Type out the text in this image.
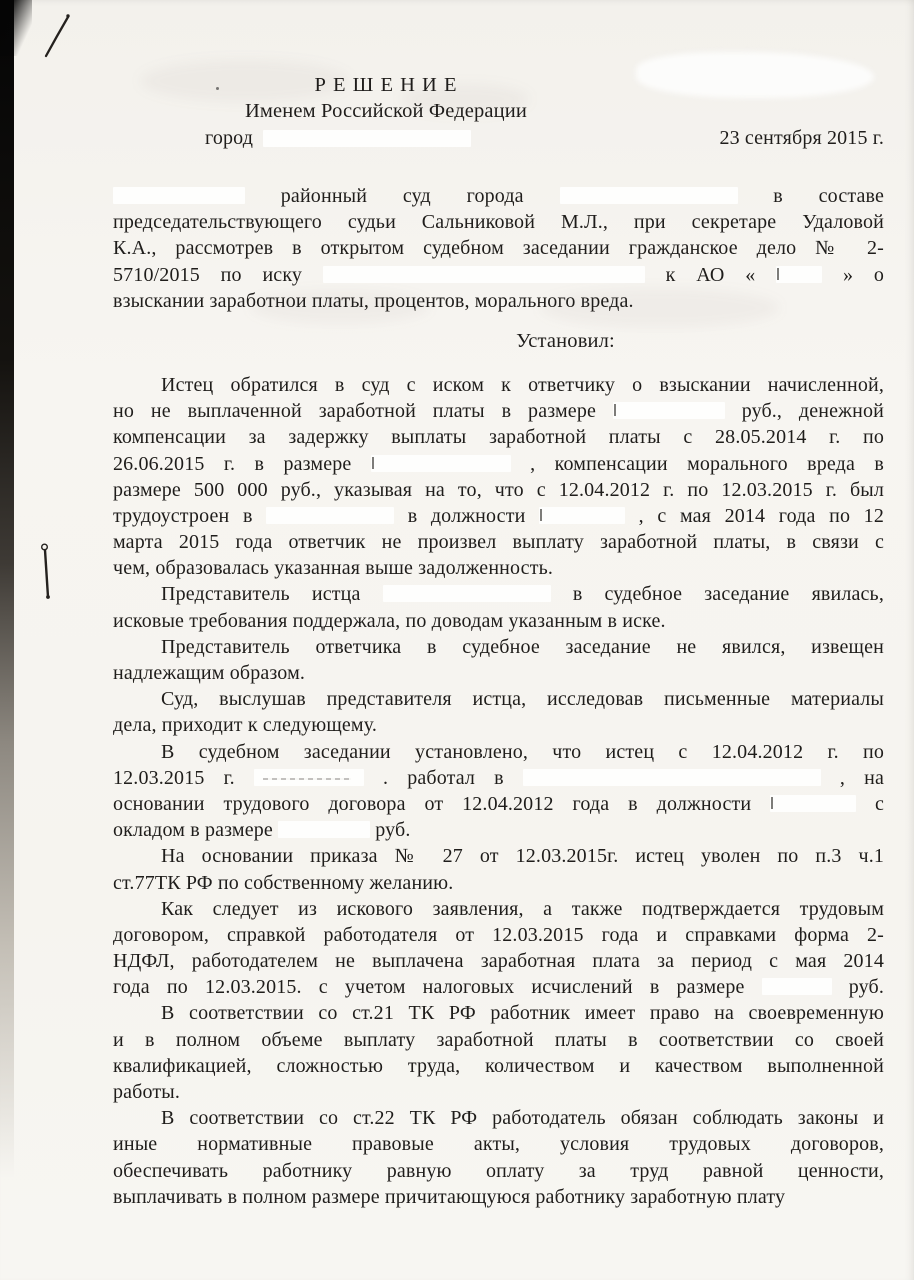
Р Е Ш Е Н И Е
Именем Российской Федерации
город	23 сентября 2015 г.
районный суд города	в составе
председательствующего судьи Сальниковой М.Л., при секретаре Удаловой
К.А., рассмотрев в открытом судебном заседании гражданское дело № 2-
5710/2015 по иску	к АО «	» о
взыскании заработнои платы, процентов, морального вреда.
Установил:
Истец обратился в суд с иском к ответчику о взыскании начисленной,
но не выплаченной заработной платы в размере	руб., денежной
компенсации за задержку выплаты заработной платы с 28.05.2014 г. по
26.06.2015 г. в размере	, компенсации морального вреда в
размере 500 000 руб., указывая на то, что с 12.04.2012 г. по 12.03.2015 г. был
трудоустроен в	в должности	, с мая 2014 года по 12
марта 2015 года ответчик не произвел выплату заработной платы, в связи с
чем, образовалась указанная выше задолженность.
Представитель истца	в судебное заседание явилась,
исковые требования поддержала, по доводам указанным в иске.
Представитель ответчика в судебное заседание не явился, извещен
надлежащим образом.
Суд, выслушав представителя истца, исследовав письменные материалы
дела, приходит к следующему.
В судебном заседании установлено, что истец с 12.04.2012 г. по
12.03.2015 г.	. работал в	, на
основании трудового договора от 12.04.2012 года в должности	с
окладом в размере	руб.
На основании приказа № 27 от 12.03.2015г. истец уволен по п.3 ч.1
ст.77ТК РФ по собственному желанию.
Как следует из искового заявления, а также подтверждается трудовым
договором, справкой работодателя от 12.03.2015 года и справками форма 2-
НДФЛ, работодателем не выплачена заработная плата за период с мая 2014
года по 12.03.2015. с учетом налоговых исчислений в размере	руб.
В соответствии со ст.21 ТК РФ работник имеет право на своевременную
и в полном объеме выплату заработной платы в соответствии со своей
квалификацией, сложностью труда, количеством и качеством выполненной
работы.
В соответствии со ст.22 ТК РФ работодатель обязан соблюдать законы и
иные нормативные правовые акты, условия трудовых договоров,
обеспечивать работнику равную оплату за труд равной ценности,
выплачивать в полном размере причитающуюся работнику заработную плату
